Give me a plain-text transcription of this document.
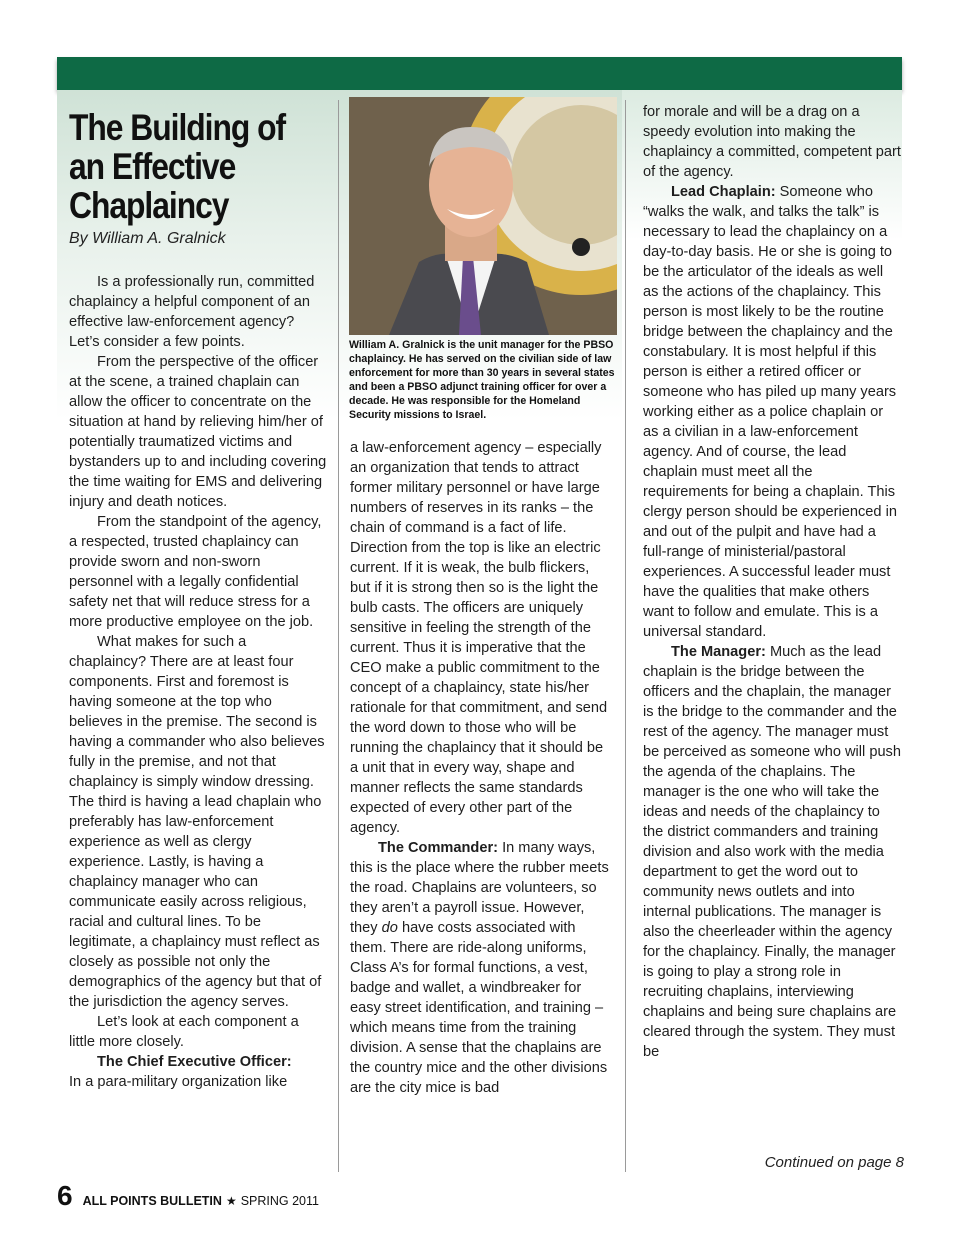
The Building of an Effective Chaplaincy

By William A. Gralnick

Is a professionally run, committed chaplaincy a helpful component of an effective law-enforcement agency? Let’s consider a few points.

From the perspective of the officer at the scene, a trained chaplain can allow the officer to concentrate on the situation at hand by relieving him/her of potentially traumatized victims and bystanders up to and including covering the time waiting for EMS and delivering injury and death notices.

From the standpoint of the agency, a respected, trusted chaplaincy can provide sworn and non-sworn personnel with a legally confidential safety net that will reduce stress for a more productive employee on the job.

What makes for such a chaplaincy? There are at least four components. First and foremost is having someone at the top who believes in the premise. The second is having a commander who also believes fully in the premise, and not that chaplaincy is simply window dressing. The third is having a lead chaplain who preferably has law-enforcement experience as well as clergy experience. Lastly, is having a chaplaincy manager who can communicate easily across religious, racial and cultural lines. To be legitimate, a chaplaincy must reflect as closely as possible not only the demographics of the agency but that of the jurisdiction the agency serves.

Let’s look at each component a little more closely.

The Chief Executive Officer:
In a para-military organization like

William A. Gralnick is the unit manager for the PBSO chaplaincy. He has served on the civilian side of law enforcement for more than 30 years in several states and been a PBSO adjunct training officer for over a decade. He was responsible for the Homeland Security missions to Israel.

a law-enforcement agency – especially an organization that tends to attract former military personnel or have large numbers of reserves in its ranks – the chain of command is a fact of life. Direction from the top is like an electric current. If it is weak, the bulb flickers, but if it is strong then so is the light the bulb casts. The officers are uniquely sensitive in feeling the strength of the current. Thus it is imperative that the CEO make a public commitment to the concept of a chaplaincy, state his/her rationale for that commitment, and send the word down to those who will be running the chaplaincy that it should be a unit that in every way, shape and manner reflects the same standards expected of every other part of the agency.

The Commander: In many ways, this is the place where the rubber meets the road. Chaplains are volunteers, so they aren’t a payroll issue. However, they do have costs associated with them. There are ride-along uniforms, Class A’s for formal functions, a vest, badge and wallet, a windbreaker for easy street identification, and training – which means time from the training division. A sense that the chaplains are the country mice and the other divisions are the city mice is bad

for morale and will be a drag on a speedy evolution into making the chaplaincy a committed, competent part of the agency.

Lead Chaplain: Someone who “walks the walk, and talks the talk” is necessary to lead the chaplaincy on a day-to-day basis. He or she is going to be the articulator of the ideals as well as the actions of the chaplaincy. This person is most likely to be the routine bridge between the chaplaincy and the constabulary. It is most helpful if this person is either a retired officer or someone who has piled up many years working either as a police chaplain or as a civilian in a law-enforcement agency. And of course, the lead chaplain must meet all the requirements for being a chaplain. This clergy person should be experienced in and out of the pulpit and have had a full-range of ministerial/pastoral experiences. A successful leader must have the qualities that make others want to follow and emulate. This is a universal standard.

The Manager: Much as the lead chaplain is the bridge between the officers and the chaplain, the manager is the bridge to the commander and the rest of the agency. The manager must be perceived as someone who will push the agenda of the chaplains. The manager is the one who will take the ideas and needs of the chaplaincy to the district commanders and training division and also work with the media department to get the word out to community news outlets and into internal publications. The manager is also the cheerleader within the agency for the chaplaincy. Finally, the manager is going to play a strong role in recruiting chaplains, interviewing chaplains and being sure chaplains are cleared through the system. They must be

Continued on page 8

6 ALL POINTS BULLETIN ★ SPRING 2011
